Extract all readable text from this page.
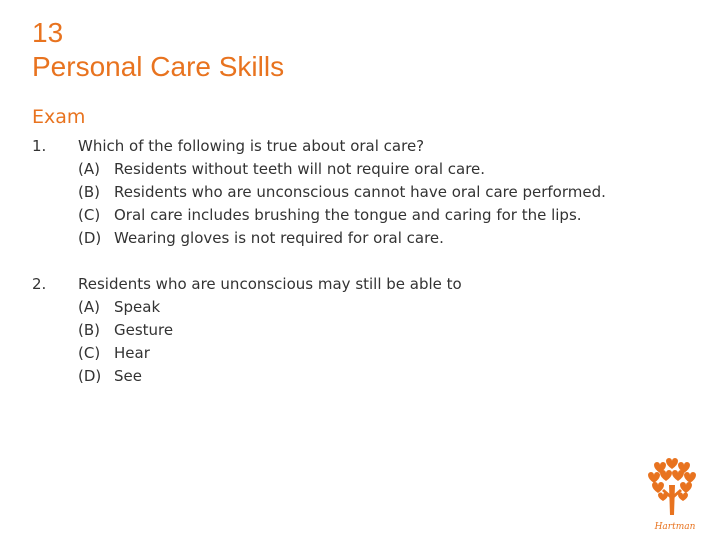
13
Personal Care Skills
Exam
1.	Which of the following is true about oral care?
(A) Residents without teeth will not require oral care.
(B) Residents who are unconscious cannot have oral care performed.
(C) Oral care includes brushing the tongue and caring for the lips.
(D) Wearing gloves is not required for oral care.
2.	Residents who are unconscious may still be able to
(A) Speak
(B) Gesture
(C) Hear
(D) See
Hartman
